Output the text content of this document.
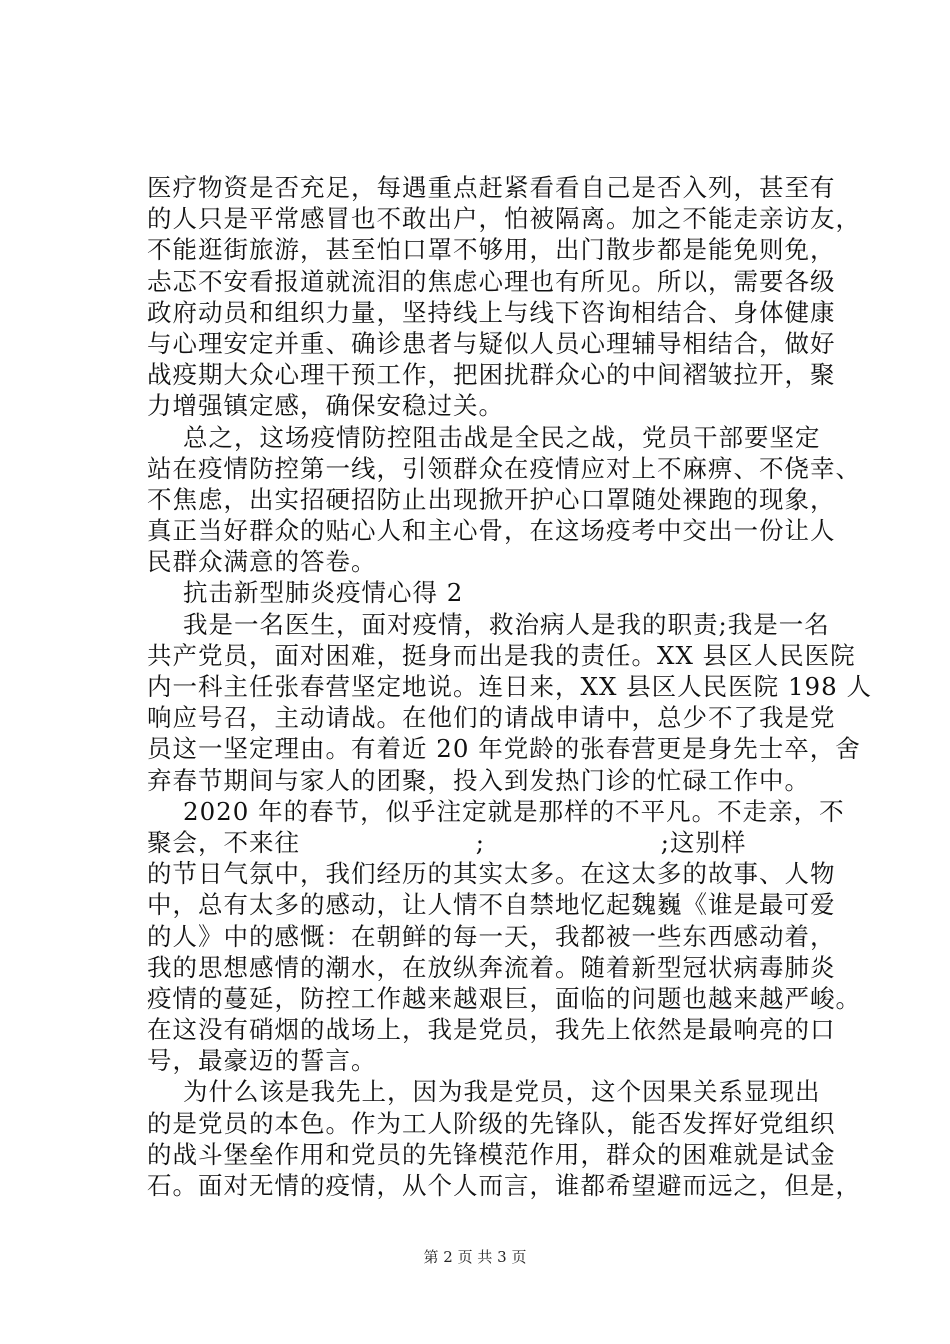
医疗物资是否充足，每遇重点赶紧看看自己是否入列，甚至有
的人只是平常感冒也不敢出户，怕被隔离。加之不能走亲访友，
不能逛街旅游，甚至怕口罩不够用，出门散步都是能免则免，
忐忑不安看报道就流泪的焦虑心理也有所见。所以，需要各级
政府动员和组织力量，坚持线上与线下咨询相结合、身体健康
与心理安定并重、确诊患者与疑似人员心理辅导相结合，做好
战疫期大众心理干预工作，把困扰群众心的中间褶皱拉开，聚
力增强镇定感，确保安稳过关。
总之，这场疫情防控阻击战是全民之战，党员干部要坚定
站在疫情防控第一线，引领群众在疫情应对上不麻痹、不侥幸、
不焦虑，出实招硬招防止出现掀开护心口罩随处裸跑的现象，
真正当好群众的贴心人和主心骨，在这场疫考中交出一份让人
民群众满意的答卷。
抗击新型肺炎疫情心得 2
我是一名医生，面对疫情，救治病人是我的职责;我是一名
共产党员，面对困难，挺身而出是我的责任。XX 县区人民医院
内一科主任张春营坚定地说。连日来，XX 县区人民医院 198 人
响应号召，主动请战。在他们的请战申请中，总少不了我是党
员这一坚定理由。有着近 20 年党龄的张春营更是身先士卒，舍
弃春节期间与家人的团聚，投入到发热门诊的忙碌工作中。
2020 年的春节，似乎注定就是那样的不平凡。不走亲，不
聚会，不来往                    ;                    ;这别样
的节日气氛中，我们经历的其实太多。在这太多的故事、人物
中，总有太多的感动，让人情不自禁地忆起魏巍《谁是最可爱
的人》中的感慨：在朝鲜的每一天，我都被一些东西感动着，
我的思想感情的潮水，在放纵奔流着。随着新型冠状病毒肺炎
疫情的蔓延，防控工作越来越艰巨，面临的问题也越来越严峻。
在这没有硝烟的战场上，我是党员，我先上依然是最响亮的口
号，最豪迈的誓言。
为什么该是我先上，因为我是党员，这个因果关系显现出
的是党员的本色。作为工人阶级的先锋队，能否发挥好党组织
的战斗堡垒作用和党员的先锋模范作用，群众的困难就是试金
石。面对无情的疫情，从个人而言，谁都希望避而远之，但是，
第 2 页 共 3 页
